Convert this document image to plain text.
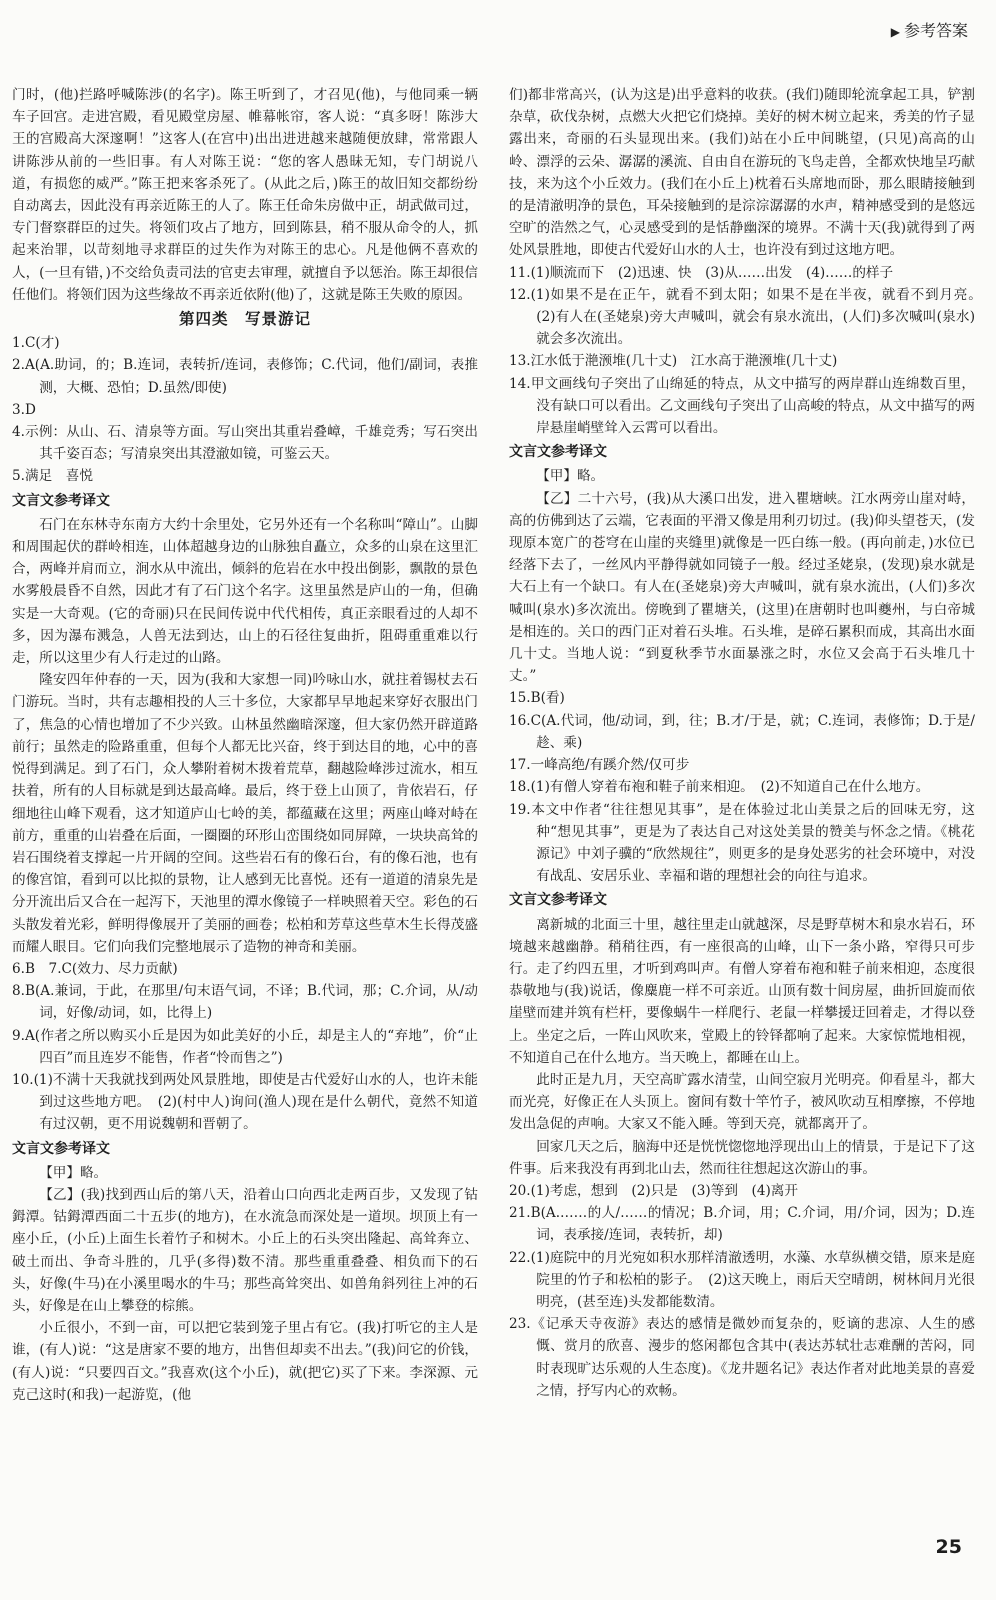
▶ 参考答案

门时，(他)拦路呼喊陈涉(的名字)。陈王听到了，才召见(他)，与他同乘一辆车子回宫。走进宫殿，看见殿堂房屋、帷幕帐帘，客人说：“真多呀！陈涉大王的宫殿高大深邃啊！”这客人(在宫中)出出进进越来越随便放肆，常常跟人讲陈涉从前的一些旧事。有人对陈王说：“您的客人愚昧无知，专门胡说八道，有损您的威严。”陈王把来客杀死了。(从此之后，)陈王的故旧知交都纷纷自动离去，因此没有再亲近陈王的人了。陈王任命朱房做中正，胡武做司过，专门督察群臣的过失。将领们攻占了地方，回到陈县，稍不服从命令的人，抓起来治罪，以苛刻地寻求群臣的过失作为对陈王的忠心。凡是他俩不喜欢的人，(一旦有错，)不交给负责司法的官吏去审理，就擅自予以惩治。陈王却很信任他们。将领们因为这些缘故不再亲近依附(他)了，这就是陈王失败的原因。

第四类　写景游记

1.C(才)

2.A(A.助词，的；B.连词，表转折/连词，表修饰；C.代词，他们/副词，表推测，大概、恐怕；D.虽然/即使)

3.D

4.示例：从山、石、清泉等方面。写山突出其重岩叠嶂，千雄竞秀；写石突出其千姿百态；写清泉突出其澄澈如镜，可鉴云天。

5.满足　喜悦

文言文参考译文

石门在东林寺东南方大约十余里处，它另外还有一个名称叫“障山”。山脚和周围起伏的群岭相连，山体超越身边的山脉独自矗立，众多的山泉在这里汇合，两峰并肩而立，涧水从中流出，倾斜的危岩在水中投出倒影，飘散的景色水雾般晨昏不自然，因此才有了石门这个名字。这里虽然是庐山的一角，但确实是一大奇观。(它的奇丽)只在民间传说中代代相传，真正亲眼看过的人却不多，因为瀑布溅急，人兽无法到达，山上的石径往复曲折，阻碍重重难以行走，所以这里少有人行走过的山路。

隆安四年仲春的一天，因为(我和大家想一同)吟咏山水，就拄着锡杖去石门游玩。当时，共有志趣相投的人三十多位，大家都早早地起来穿好衣服出门了，焦急的心情也增加了不少兴致。山林虽然幽暗深邃，但大家仍然开辟道路前行；虽然走的险路重重，但每个人都无比兴奋，终于到达目的地，心中的喜悦得到满足。到了石门，众人攀附着树木拨着荒草，翻越险峰涉过流水，相互扶着，所有的人目标就是到达最高峰。最后，终于登上山顶了，肯依岩石，仔细地往山峰下观看，这才知道庐山七岭的美，都蕴藏在这里；两座山峰对峙在前方，重重的山岩叠在后面，一圈圈的环形山峦围绕如同屏障，一块块高耸的岩石围绕着支撑起一片开阔的空间。这些岩石有的像石台，有的像石池，也有的像宫馆，看到可以比拟的景物，让人感到无比喜悦。还有一道道的清泉先是分开流出后又合在一起泻下，天池里的潭水像镜子一样映照着天空。彩色的石头散发着光彩，鲜明得像展开了美丽的画卷；松柏和芳草这些草木生长得茂盛而耀人眼目。它们向我们完整地展示了造物的神奇和美丽。

6.B　7.C(效力、尽力贡献)

8.B(A.兼词，于此，在那里/句末语气词，不译；B.代词，那；C.介词，从/动词，好像/动词，如，比得上)

9.A(作者之所以购买小丘是因为如此美好的小丘，却是主人的“弃地”，价“止四百”而且连岁不能售，作者“怜而售之”)

10.(1)不满十天我就找到两处风景胜地，即使是古代爱好山水的人，也许未能到过这些地方吧。　(2)(村中人)询问(渔人)现在是什么朝代，竟然不知道有过汉朝，更不用说魏朝和晋朝了。

文言文参考译文

【甲】略。

【乙】(我)找到西山后的第八天，沿着山口向西北走两百步，又发现了钴鉧潭。钴鉧潭西面二十五步(的地方)，在水流急而深处是一道坝。坝顶上有一座小丘，(小丘)上面生长着竹子和树木。小丘上的石头突出隆起、高耸奔立、破土而出、争奇斗胜的，几乎(多得)数不清。那些重重叠叠、相负而下的石头，好像(牛马)在小溪里喝水的牛马；那些高耸突出、如兽角斜列往上冲的石头，好像是在山上攀登的棕熊。

小丘很小，不到一亩，可以把它装到笼子里占有它。(我)打听它的主人是谁，(有人)说：“这是唐家不要的地方，出售但却卖不出去。”(我)问它的价钱，(有人)说：“只要四百文。”我喜欢(这个小丘)，就(把它)买了下来。李深源、元克己这时(和我)一起游览，(他

们)都非常高兴，(认为这是)出乎意料的收获。(我们)随即轮流拿起工具，铲割杂草，砍伐杂树，点燃大火把它们烧掉。美好的树木树立起来，秀美的竹子显露出来，奇丽的石头显现出来。(我们)站在小丘中间眺望，(只见)高高的山岭、漂浮的云朵、潺潺的溪流、自由自在游玩的飞鸟走兽，全都欢快地呈巧献技，来为这个小丘效力。(我们在小丘上)枕着石头席地而卧，那么眼睛接触到的是清澈明净的景色，耳朵接触到的是淙淙潺潺的水声，精神感受到的是悠远空旷的浩然之气，心灵感受到的是恬静幽深的境界。不满十天(我)就得到了两处风景胜地，即使古代爱好山水的人士，也许没有到过这地方吧。

11.(1)顺流而下　(2)迅速、快　(3)从……出发　(4)……的样子

12.(1)如果不是在正午，就看不到太阳；如果不是在半夜，就看不到月亮。　(2)有人在(圣姥泉)旁大声喊叫，就会有泉水流出，(人们)多次喊叫(泉水)就会多次流出。

13.江水低于滟滪堆(几十丈)　江水高于滟滪堆(几十丈)

14.甲文画线句子突出了山绵延的特点，从文中描写的两岸群山连绵数百里，没有缺口可以看出。乙文画线句子突出了山高峻的特点，从文中描写的两岸悬崖峭壁耸入云霄可以看出。

文言文参考译文

【甲】略。

【乙】二十六号，(我)从大溪口出发，进入瞿塘峡。江水两旁山崖对峙，高的仿佛到达了云端，它表面的平滑又像是用利刃切过。(我)仰头望苍天，(发现原本宽广的苍穹在山崖的夹缝里)就像是一匹白练一般。(再向前走，)水位已经落下去了，一丝风内平静得就如同镜子一般。经过圣姥泉，(发现)泉水就是大石上有一个缺口。有人在(圣姥泉)旁大声喊叫，就有泉水流出，(人们)多次喊叫(泉水)多次流出。傍晚到了瞿塘关，(这里)在唐朝时也叫夔州，与白帝城是相连的。关口的西门正对着石头堆。石头堆，是碎石累积而成，其高出水面几十丈。当地人说：“到夏秋季节水面暴涨之时，水位又会高于石头堆几十丈。”

15.B(看)

16.C(A.代词，他/动词，到，往；B.才/于是，就；C.连词，表修饰；D.于是/趁、乘)

17.一峰高绝/有蹊介然/仅可步

18.(1)有僧人穿着布袍和鞋子前来相迎。　(2)不知道自己在什么地方。

19.本文中作者“往往想见其事”，是在体验过北山美景之后的回味无穷，这种“想见其事”，更是为了表达自己对这处美景的赞美与怀念之情。《桃花源记》中刘子骥的“欣然规往”，则更多的是身处恶劣的社会环境中，对没有战乱、安居乐业、幸福和谐的理想社会的向往与追求。

文言文参考译文

离新城的北面三十里，越往里走山就越深，尽是野草树木和泉水岩石，环境越来越幽静。稍稍往西，有一座很高的山峰，山下一条小路，窄得只可步行。走了约四五里，才听到鸡叫声。有僧人穿着布袍和鞋子前来相迎，态度很恭敬地与(我)说话，像麋鹿一样不可亲近。山顶有数十间房屋，曲折回旋而依崖壁而建并筑有栏杆，要像蜗牛一样爬行、老鼠一样攀援迂回着走，才得以登上。坐定之后，一阵山风吹来，堂殿上的铃铎都响了起来。大家惊慌地相视，不知道自己在什么地方。当天晚上，都睡在山上。

此时正是九月，天空高旷露水清莹，山间空寂月光明亮。仰看星斗，都大而光亮，好像正在人头顶上。窗间有数十竿竹子，被风吹动互相摩擦，不停地发出急促的声响。大家又不能入睡。等到天亮，就都离开了。

回家几天之后，脑海中还是恍恍惚惚地浮现出山上的情景，于是记下了这件事。后来我没有再到北山去，然而往往想起这次游山的事。

20.(1)考虑，想到　(2)只是　(3)等到　(4)离开

21.B(A.……的人/……的情况；B.介词，用；C.介词，用/介词，因为；D.连词，表承接/连词，表转折，却)

22.(1)庭院中的月光宛如积水那样清澈透明，水藻、水草纵横交错，原来是庭院里的竹子和松柏的影子。　(2)这天晚上，雨后天空晴朗，树林间月光很明亮，(甚至连)头发都能数清。

23.《记承天寺夜游》表达的感情是微妙而复杂的，贬谪的悲凉、人生的感慨、赏月的欣喜、漫步的悠闲都包含其中(表达苏轼壮志难酬的苦闷，同时表现旷达乐观的人生态度)。《龙井题名记》表达作者对此地美景的喜爱之情，抒写内心的欢畅。

25
